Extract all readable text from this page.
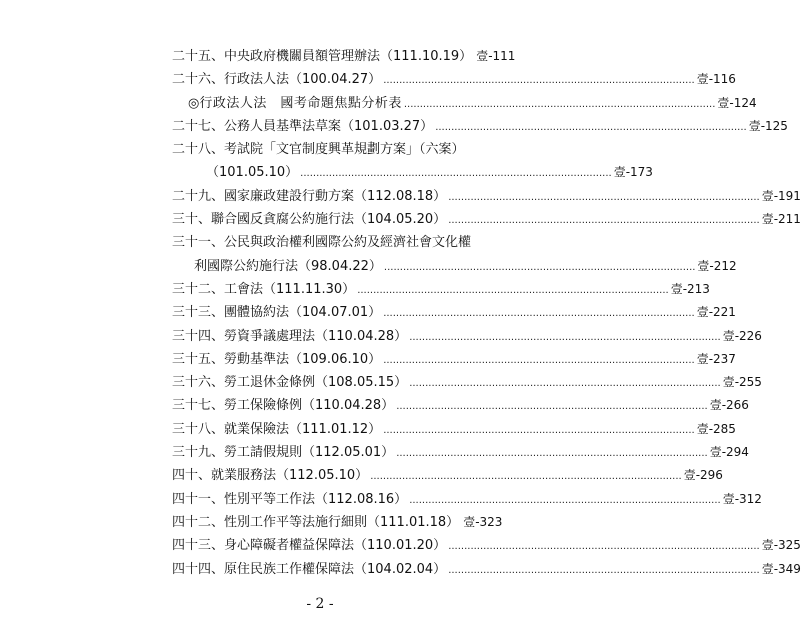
二十五、 中央政府機關員額管理辦法（111.10.19） 壹-111
二十六、 行政法人法（100.04.27） .................................................................................................. 壹-116
◎ 行政法人法　國考命題焦點分析表 .................................................................................................. 壹-124
二十七、 公務人員基準法草案（101.03.27） .................................................................................................. 壹-125
二十八、 考試院「文官制度興革規劃方案」（六案）
（101.05.10） .................................................................................................. 壹-173
二十九、 國家廉政建設行動方案（112.08.18） .................................................................................................. 壹-191
三十、 聯合國反貪腐公約施行法（104.05.20） .................................................................................................. 壹-211
三十一、 公民與政治權利國際公約及經濟社會文化權
利國際公約施行法（98.04.22） .................................................................................................. 壹-212
三十二、 工會法（111.11.30） .................................................................................................. 壹-213
三十三、 團體協約法（104.07.01） .................................................................................................. 壹-221
三十四、 勞資爭議處理法（110.04.28） .................................................................................................. 壹-226
三十五、 勞動基準法（109.06.10） .................................................................................................. 壹-237
三十六、 勞工退休金條例（108.05.15） .................................................................................................. 壹-255
三十七、 勞工保險條例（110.04.28） .................................................................................................. 壹-266
三十八、 就業保險法（111.01.12） .................................................................................................. 壹-285
三十九、 勞工請假規則（112.05.01） .................................................................................................. 壹-294
四十、 就業服務法（112.05.10） .................................................................................................. 壹-296
四十一、 性別平等工作法（112.08.16） .................................................................................................. 壹-312
四十二、 性別工作平等法施行細則（111.01.18） 壹-323
四十三、 身心障礙者權益保障法（110.01.20） .................................................................................................. 壹-325
四十四、 原住民族工作權保障法（104.02.04） .................................................................................................. 壹-349
- 2 -
